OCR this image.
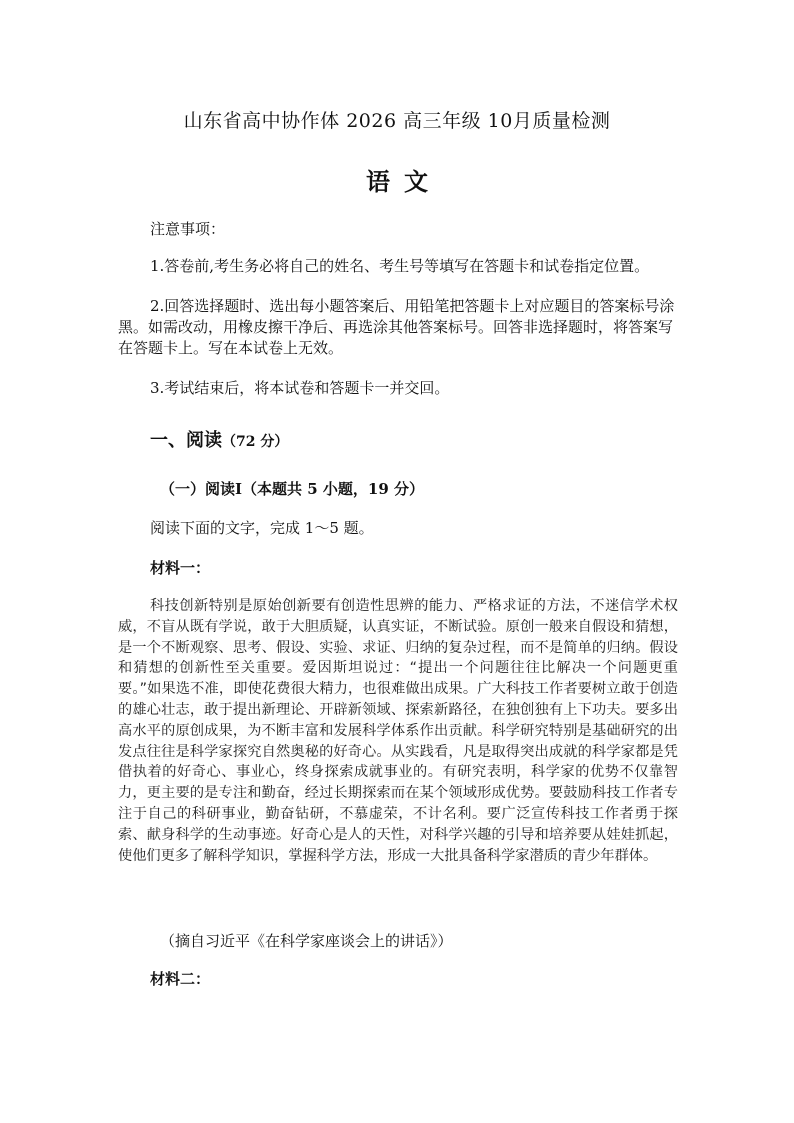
山东省高中协作体 2026 高三年级 10月质量检测
语文
注意事项：
1.答卷前,考生务必将自己的姓名、考生号等填写在答题卡和试卷指定位置。
2.回答选择题时、选出每小题答案后、用铅笔把答题卡上对应题目的答案标号涂黑。如需改动，用橡皮擦干净后、再选涂其他答案标号。回答非选择题时，将答案写在答题卡上。写在本试卷上无效。
3.考试结束后，将本试卷和答题卡一并交回。
一、阅读（72 分）
（一）阅读Ⅰ（本题共 5 小题，19 分）
阅读下面的文字，完成 1～5 题。
材料一：
科技创新特别是原始创新要有创造性思辨的能力、严格求证的方法，不迷信学术权威，不盲从既有学说，敢于大胆质疑，认真实证，不断试验。原创一般来自假设和猜想，是一个不断观察、思考、假设、实验、求证、归纳的复杂过程，而不是简单的归纳。假设和猜想的创新性至关重要。爱因斯坦说过：“提出一个问题往往比解决一个问题更重要。”如果选不准，即使花费很大精力，也很难做出成果。广大科技工作者要树立敢于创造的雄心壮志，敢于提出新理论、开辟新领域、探索新路径，在独创独有上下功夫。要多出高水平的原创成果，为不断丰富和发展科学体系作出贡献。科学研究特别是基础研究的出发点往往是科学家探究自然奥秘的好奇心。从实践看，凡是取得突出成就的科学家都是凭借执着的好奇心、事业心，终身探索成就事业的。有研究表明，科学家的优势不仅靠智力，更主要的是专注和勤奋，经过长期探索而在某个领域形成优势。要鼓励科技工作者专注于自己的科研事业，勤奋钻研，不慕虚荣，不计名利。要广泛宣传科技工作者勇于探索、献身科学的生动事迹。好奇心是人的天性，对科学兴趣的引导和培养要从娃娃抓起，使他们更多了解科学知识，掌握科学方法，形成一大批具备科学家潜质的青少年群体。
（摘自习近平《在科学家座谈会上的讲话》）
材料二：
